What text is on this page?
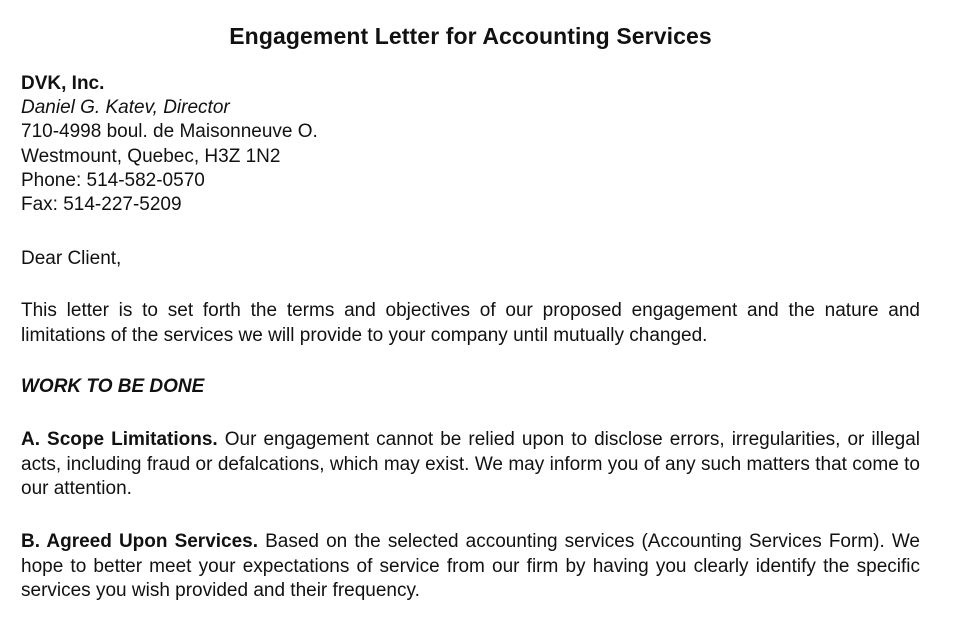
Engagement Letter for Accounting Services
DVK, Inc.
Daniel G. Katev, Director
710-4998 boul. de Maisonneuve O.
Westmount, Quebec, H3Z 1N2
Phone: 514-582-0570
Fax: 514-227-5209
Dear Client,
This letter is to set forth the terms and objectives of our proposed engagement and the nature and limitations of the services we will provide to your company until mutually changed.
WORK TO BE DONE
A. Scope Limitations. Our engagement cannot be relied upon to disclose errors, irregularities, or illegal acts, including fraud or defalcations, which may exist. We may inform you of any such matters that come to our attention.
B. Agreed Upon Services. Based on the selected accounting services (Accounting Services Form). We hope to better meet your expectations of service from our firm by having you clearly identify the specific services you wish provided and their frequency.
